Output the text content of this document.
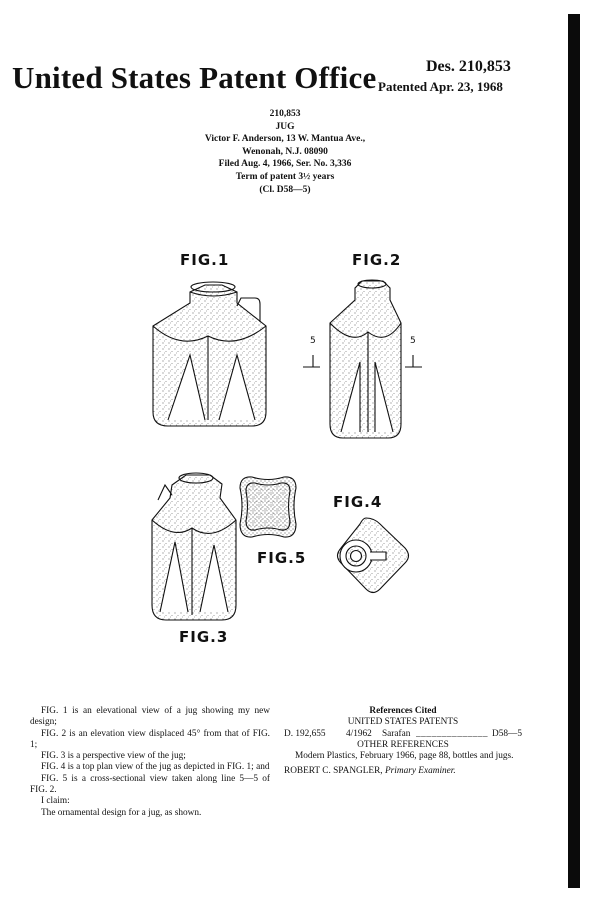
United States Patent Office	Des. 210,853
Patented Apr. 23, 1968
210,853
JUG
Victor F. Anderson, 13 W. Mantua Ave.,
Wenonah, N.J. 08090
Filed Aug. 4, 1966, Ser. No. 3,336
Term of patent 3½ years
(Cl. D58—5)
FIG.1	FIG.2
FIG.3
FIG.4
FIG.5
5	5

FIG. 1 is an elevational view of a jug showing my new design;

FIG. 2 is an elevation view displaced 45° from that of FIG. 1;

FIG. 3 is a perspective view of the jug;

FIG. 4 is a top plan view of the jug as depicted in FIG. 1; and

FIG. 5 is a cross-sectional view taken along line 5—5 of FIG. 2.

I claim:

The ornamental design for a jug, as shown.

References Cited

UNITED STATES PATENTS

D. 192,655	4/1962	Sarafan ______________ D58—5

OTHER REFERENCES

Modern Plastics, February 1966, page 88, bottles and jugs.

ROBERT C. SPANGLER, Primary Examiner.
